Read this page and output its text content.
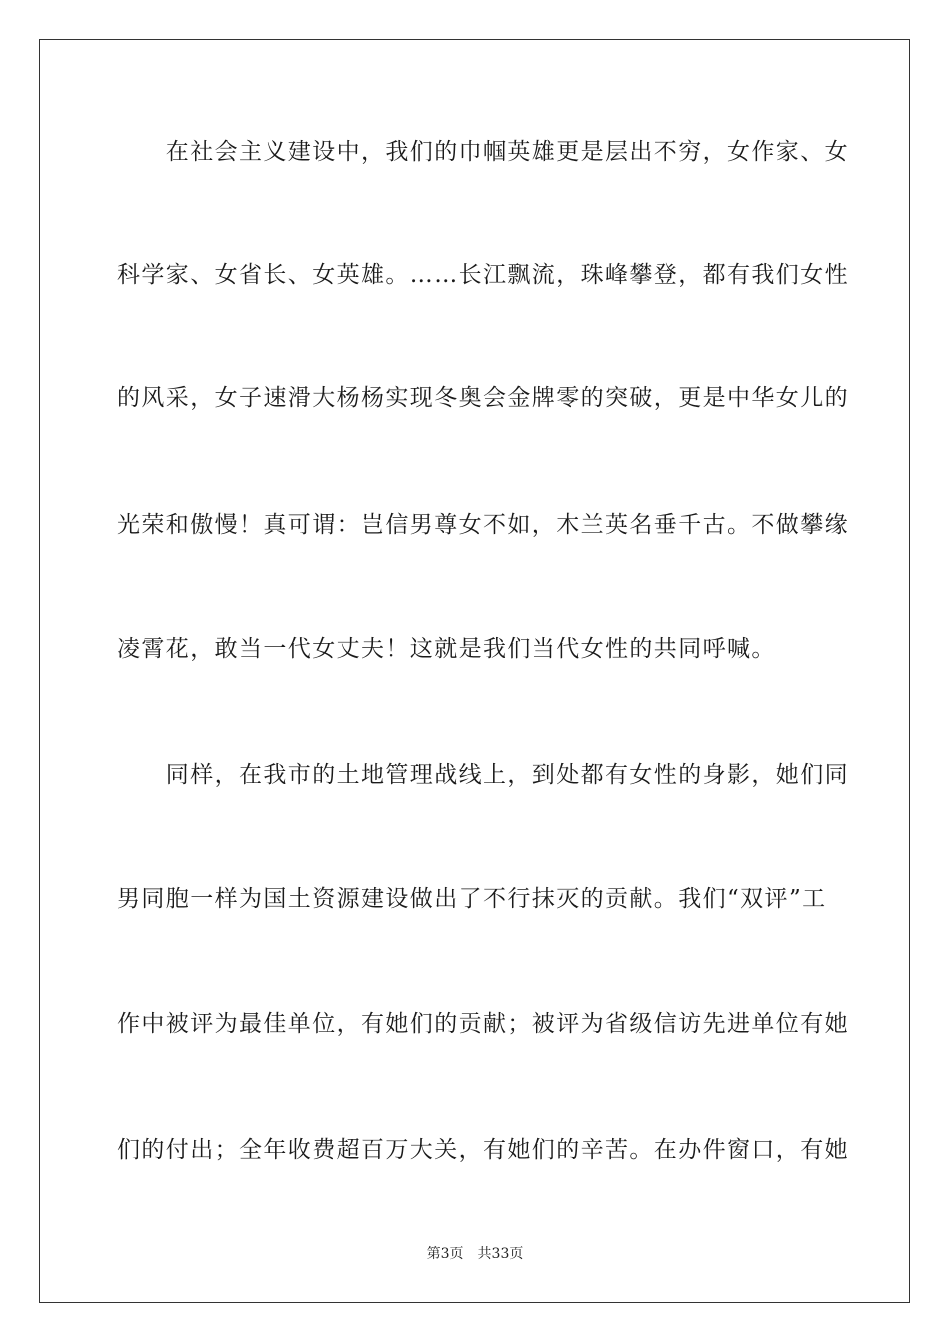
　　在社会主义建设中，我们的巾帼英雄更是层出不穷，女作家、女
科学家、女省长、女英雄。……长江飘流，珠峰攀登，都有我们女性
的风采，女子速滑大杨杨实现冬奥会金牌零的突破，更是中华女儿的
光荣和傲慢！真可谓：岂信男尊女不如，木兰英名垂千古。不做攀缘
凌霄花，敢当一代女丈夫！这就是我们当代女性的共同呼喊。
　　同样，在我市的土地管理战线上，到处都有女性的身影，她们同
男同胞一样为国土资源建设做出了不行抹灭的贡献。我们“双评”工
作中被评为最佳单位，有她们的贡献；被评为省级信访先进单位有她
们的付出；全年收费超百万大关，有她们的辛苦。在办件窗口，有她
第3页 共33页
